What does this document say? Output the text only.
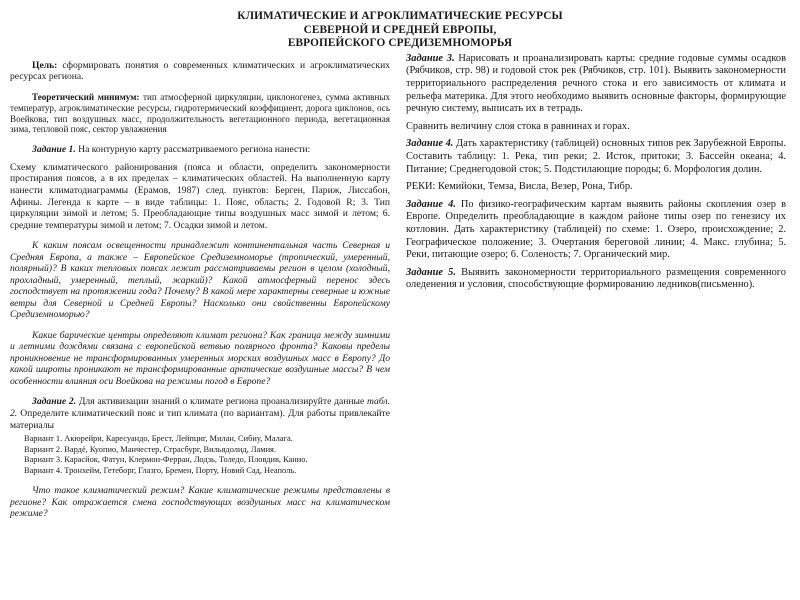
КЛИМАТИЧЕСКИЕ И АГРОКЛИМАТИЧЕСКИЕ РЕСУРСЫ
СЕВЕРНОЙ И СРЕДНЕЙ ЕВРОПЫ,
ЕВРОПЕЙСКОГО СРЕДИЗЕМНОМОРЬЯ

Цель: сформировать понятия о современных климатических и агроклиматических ресурсах региона.

Теоретический минимум: тип атмосферной циркуляции, циклоногенез, сумма активных температур, агроклиматические ресурсы, гидротермический коэффициент, дорога циклонов, ось Воейкова, тип воздушных масс, продолжительность вегетационного периода, вегетационная зима, тепловой пояс, сектор увлажнения

Задание 1. На контурную карту рассматриваемого региона нанести:

Схему климатического районирования (пояса и области, определить закономерности простирания поясов, а в их пределах – климатических областей. На выполненную карту нанести климатодиаграммы (Ерамов, 1987) след. пунктов: Берген, Париж, Лиссабон, Афины. Легенда к карте – в виде таблицы: 1. Пояс, область; 2. Годовой R; 3. Тип циркуляции зимой и летом; 5. Преобладающие типы воздушных масс зимой и летом; 6. средние температуры зимой и летом; 7. Осадки зимой и летом.

К каким поясам освещенности принадлежит континентальная часть Северная и Средняя Европа, а также – Европейское Средиземноморье (тропический, умеренный, полярный)? В каких тепловых поясах лежит рассматриваемы регион в целом (холодный, прохладный, умеренный, теплый, жаркий)? Какой атмосферный перенос здесь господствует на протяжении года? Почему? В какой мере характерны северные и южные ветры для Северной и Средней Европы? Насколько они свойственны Европейскому Средиземноморью?

Какие барические центры определяют климат региона? Как граница между зимними и летними дождями связана с европейской ветвью полярного фронта? Каковы пределы проникновение не трансформированных умеренных морских воздушных масс в Европу? До какой широты проникают не трансформированные арктические воздушные массы? В чем особенности влияния оси Воейкова на режимы погод в Европе?

Задание 2. Для активизации знаний о климате региона проанализируйте данные табл. 2. Определите климатический пояс и тип климата (по вариантам). Для работы привлекайте материалы

Вариант 1. Акюрейри, Каресуандо, Брест, Лейпциг, Милан, Сибиу, Малага.
Вариант 2. Вардё, Куопио, Манчестер, Страсбург, Вильядолид, Ламия.
Вариант 3. Карасйок, Фатун, Клермон-Ферран, Лодзь, Толедо, Пловдив, Канио.
Вариант 4. Тронхейм, Гетеборг, Глазго, Бремен, Порту, Новий Сад, Неаполь.

Что такое климатический режим? Какие климатические режимы представлены в регионе? Как отражается смена господствующих воздушных масс на климатическом режиме?

Задание 3. Нарисовать и проанализировать карты: средние годовые суммы осадков (Рябчиков, стр. 98) и годовой сток рек (Рябчиков, стр. 101). Выявить закономерности территориального распределения речного стока и его зависимость от климата и рельефа материка. Для этого необходимо выявить основные факторы, формирующие речную систему, выписать их в тетрадь.

Сравнить величину слоя стока в равнинах и горах.

Задание 4. Дать характеристику (таблицей) основных типов рек Зарубежной Европы. Составить таблицу: 1. Река, тип реки; 2. Исток, притоки; 3. Бассейн океана; 4. Питание; Среднегодовой сток; 5. Подстилающие породы; 6. Морфология долин.

РЕКИ: Кемийоки, Темза, Висла, Везер, Рона, Тибр.

Задание 4. По физико-географическим картам выявить районы скопления озер в Европе. Определить преобладающие в каждом районе типы озер по генезису их котловин. Дать характеристику (таблицей) по схеме: 1. Озеро, происхождение; 2. Географическое положение; 3. Очертания береговой линии; 4. Макс. глубина; 5. Реки, питающие озеро; 6. Соленость; 7. Органический мир.

Задание 5. Выявить закономерности территориального размещения современного оледенения и условия, способствующие формированию ледников(письменно).
